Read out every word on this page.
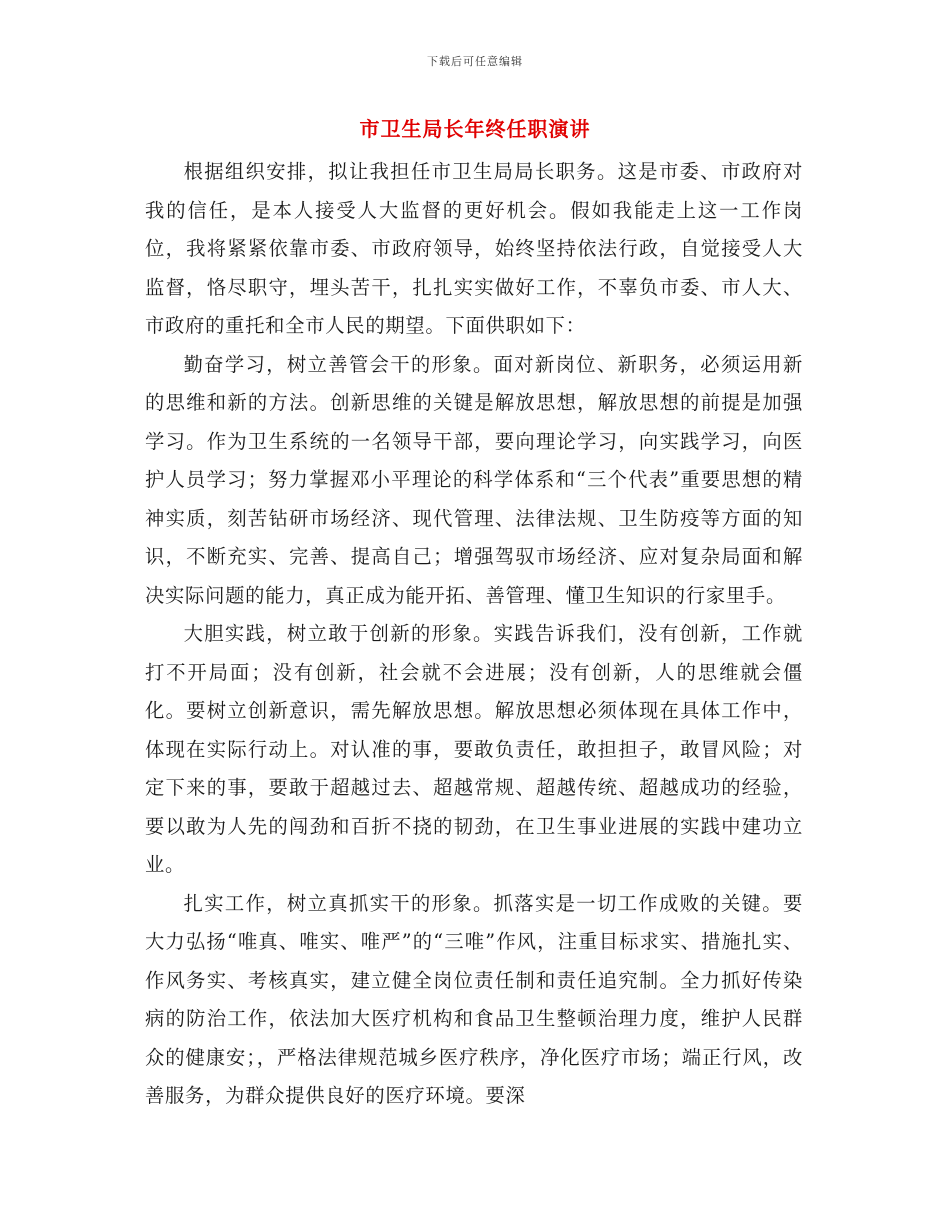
下载后可任意编辑
市卫生局长年终任职演讲

根据组织安排，拟让我担任市卫生局局长职务。这是市委、市政府对我的信任，是本人接受人大监督的更好机会。假如我能走上这一工作岗位，我将紧紧依靠市委、市政府领导，始终坚持依法行政，自觉接受人大监督，恪尽职守，埋头苦干，扎扎实实做好工作，不辜负市委、市人大、市政府的重托和全市人民的期望。下面供职如下：

勤奋学习，树立善管会干的形象。面对新岗位、新职务，必须运用新的思维和新的方法。创新思维的关键是解放思想，解放思想的前提是加强学习。作为卫生系统的一名领导干部，要向理论学习，向实践学习，向医护人员学习；努力掌握邓小平理论的科学体系和“三个代表”重要思想的精神实质，刻苦钻研市场经济、现代管理、法律法规、卫生防疫等方面的知识，不断充实、完善、提高自己；增强驾驭市场经济、应对复杂局面和解决实际问题的能力，真正成为能开拓、善管理、懂卫生知识的行家里手。

大胆实践，树立敢于创新的形象。实践告诉我们，没有创新，工作就打不开局面；没有创新，社会就不会进展；没有创新，人的思维就会僵化。要树立创新意识，需先解放思想。解放思想必须体现在具体工作中，体现在实际行动上。对认准的事，要敢负责任，敢担担子，敢冒风险；对定下来的事，要敢于超越过去、超越常规、超越传统、超越成功的经验，要以敢为人先的闯劲和百折不挠的韧劲，在卫生事业进展的实践中建功立业。

扎实工作，树立真抓实干的形象。抓落实是一切工作成败的关键。要大力弘扬“唯真、唯实、唯严”的“三唯”作风，注重目标求实、措施扎实、作风务实、考核真实，建立健全岗位责任制和责任追究制。全力抓好传染病的防治工作，依法加大医疗机构和食品卫生整顿治理力度，维护人民群众的健康安；，严格法律规范城乡医疗秩序，净化医疗市场；端正行风，改善服务，为群众提供良好的医疗环境。要深
